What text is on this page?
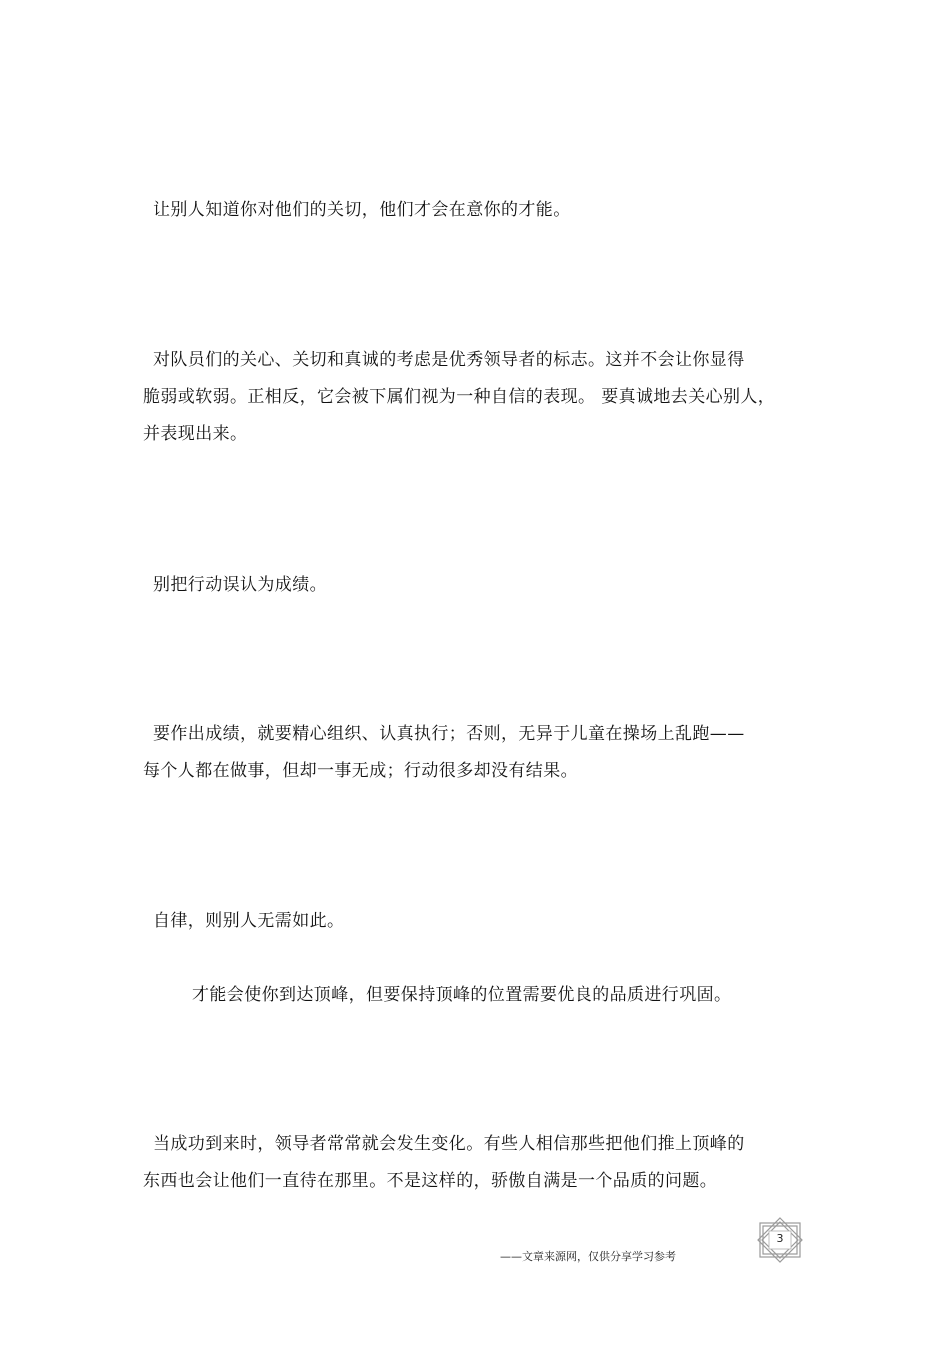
让别人知道你对他们的关切，他们才会在意你的才能。
对队员们的关心、关切和真诚的考虑是优秀领导者的标志。这并不会让你显得
脆弱或软弱。正相反，它会被下属们视为一种自信的表现。 要真诚地去关心别人，
并表现出来。
别把行动误认为成绩。
要作出成绩，就要精心组织、认真执行；否则，无异于儿童在操场上乱跑——
每个人都在做事，但却一事无成；行动很多却没有结果。
自律，则别人无需如此。
才能会使你到达顶峰，但要保持顶峰的位置需要优良的品质进行巩固。
当成功到来时，领导者常常就会发生变化。有些人相信那些把他们推上顶峰的
东西也会让他们一直待在那里。不是这样的，骄傲自满是一个品质的问题。
——文章来源网，仅供分享学习参考
3
